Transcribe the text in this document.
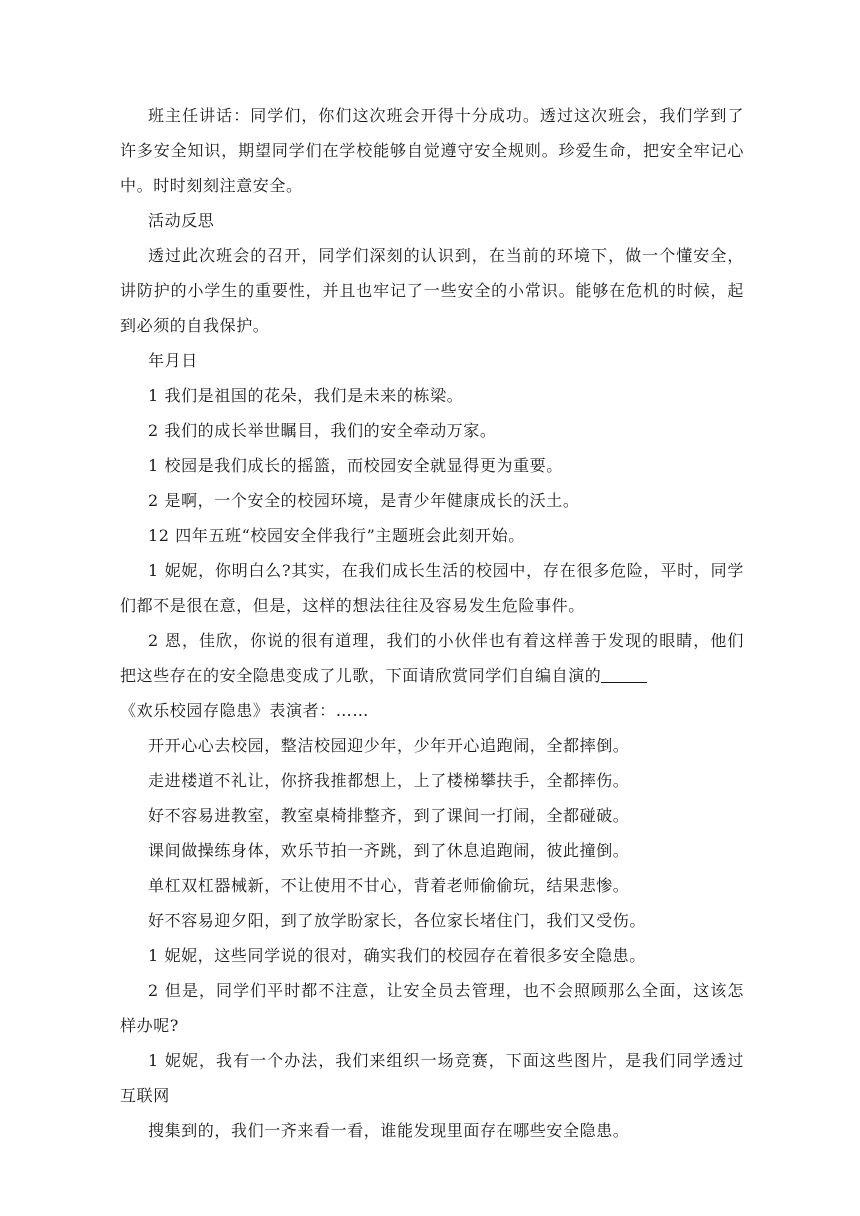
班主任讲话：同学们，你们这次班会开得十分成功。透过这次班会，我们学到了许多安全知识，期望同学们在学校能够自觉遵守安全规则。珍爱生命，把安全牢记心中。时时刻刻注意安全。

活动反思

透过此次班会的召开，同学们深刻的认识到，在当前的环境下，做一个懂安全，讲防护的小学生的重要性，并且也牢记了一些安全的小常识。能够在危机的时候，起到必须的自我保护。

年月日

1 我们是祖国的花朵，我们是未来的栋梁。

2 我们的成长举世瞩目，我们的安全牵动万家。

1 校园是我们成长的摇篮，而校园安全就显得更为重要。

2 是啊，一个安全的校园环境，是青少年健康成长的沃土。

12 四年五班“校园安全伴我行”主题班会此刻开始。

1 妮妮，你明白么?其实，在我们成长生活的校园中，存在很多危险，平时，同学们都不是很在意，但是，这样的想法往往及容易发生危险事件。

2 恩，佳欣，你说的很有道理，我们的小伙伴也有着这样善于发现的眼睛，他们把这些存在的安全隐患变成了儿歌，下面请欣赏同学们自编自演的

《欢乐校园存隐患》表演者：……

开开心心去校园，整洁校园迎少年，少年开心追跑闹，全都摔倒。

走进楼道不礼让，你挤我推都想上，上了楼梯攀扶手，全都摔伤。

好不容易进教室，教室桌椅排整齐，到了课间一打闹，全都碰破。

课间做操练身体，欢乐节拍一齐跳，到了休息追跑闹，彼此撞倒。

单杠双杠器械新，不让使用不甘心，背着老师偷偷玩，结果悲惨。

好不容易迎夕阳，到了放学盼家长，各位家长堵住门，我们又受伤。

1 妮妮，这些同学说的很对，确实我们的校园存在着很多安全隐患。

2 但是，同学们平时都不注意，让安全员去管理，也不会照顾那么全面，这该怎样办呢?

1 妮妮，我有一个办法，我们来组织一场竞赛，下面这些图片，是我们同学透过互联网

搜集到的，我们一齐来看一看，谁能发现里面存在哪些安全隐患。
